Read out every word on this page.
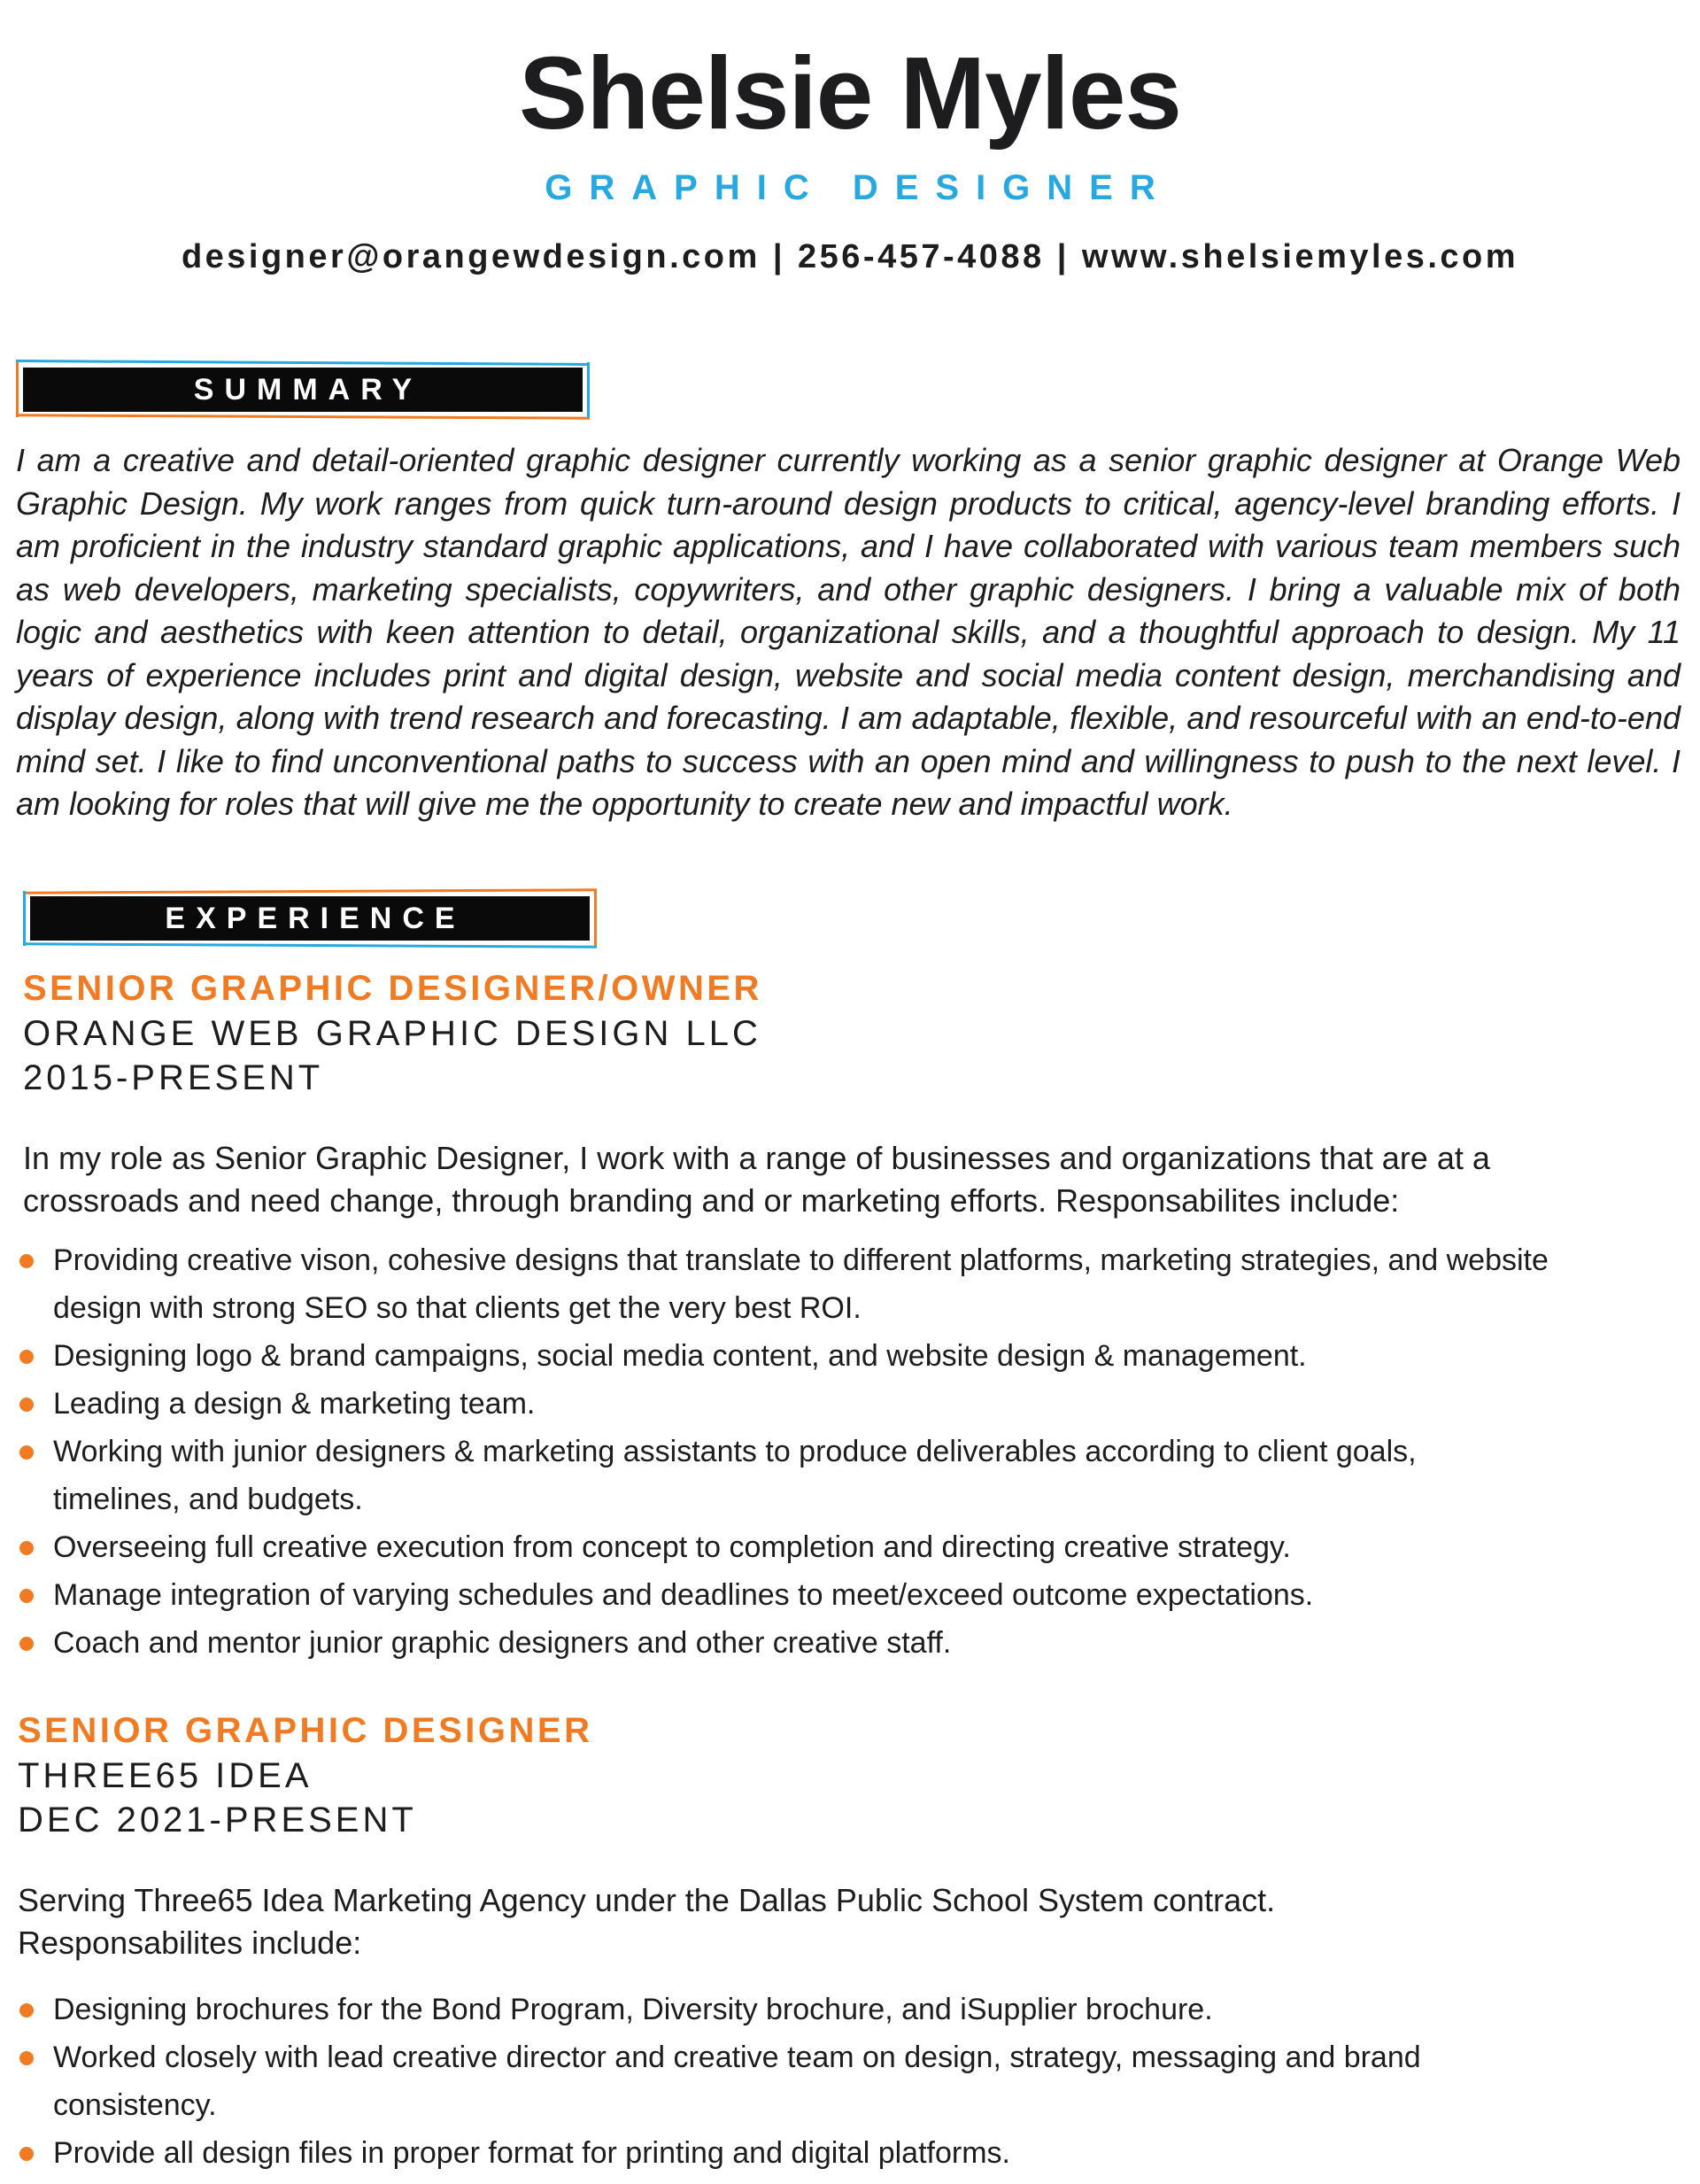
Shelsie Myles
GRAPHIC DESIGNER
designer@orangewdesign.com | 256-457-4088 | www.shelsiemyles.com
SUMMARY

I am a creative and detail-oriented graphic designer currently working as a senior graphic designer at Orange Web Graphic Design. My work ranges from quick turn-around design products to critical, agency-level branding efforts. I am proficient in the industry standard graphic applications, and I have collaborated with various team members such as web developers, marketing specialists, copywriters, and other graphic designers. I bring a valuable mix of both logic and aesthetics with keen attention to detail, organizational skills, and a thoughtful approach to design. My 11 years of experience includes print and digital design, website and social media content design, merchandising and display design, along with trend research and forecasting. I am adaptable, flexible, and resourceful with an end-to-end mind set. I like to find unconventional paths to success with an open mind and willingness to push to the next level. I am looking for roles that will give me the opportunity to create new and impactful work.

EXPERIENCE

SENIOR GRAPHIC DESIGNER/OWNER

ORANGE WEB GRAPHIC DESIGN LLC

2015-PRESENT

In my role as Senior Graphic Designer, I work with a range of businesses and organizations that are at a crossroads and need change, through branding and or marketing efforts. Responsabilites include:

Providing creative vison, cohesive designs that translate to different platforms, marketing strategies, and website design with strong SEO so that clients get the very best ROI.
Designing logo & brand campaigns, social media content, and website design & management.
Leading a design & marketing team.
Working with junior designers & marketing assistants to produce deliverables according to client goals, timelines, and budgets.
Overseeing full creative execution from concept to completion and directing creative strategy.
Manage integration of varying schedules and deadlines to meet/exceed outcome expectations.
Coach and mentor junior graphic designers and other creative staff.

SENIOR GRAPHIC DESIGNER

THREE65 IDEA

DEC 2021-PRESENT

Serving Three65 Idea Marketing Agency under the Dallas Public School System contract. Responsabilites include:

Designing brochures for the Bond Program, Diversity brochure, and iSupplier brochure.
Worked closely with lead creative director and creative team on design, strategy, messaging and brand consistency.
Provide all design files in proper format for printing and digital platforms.
